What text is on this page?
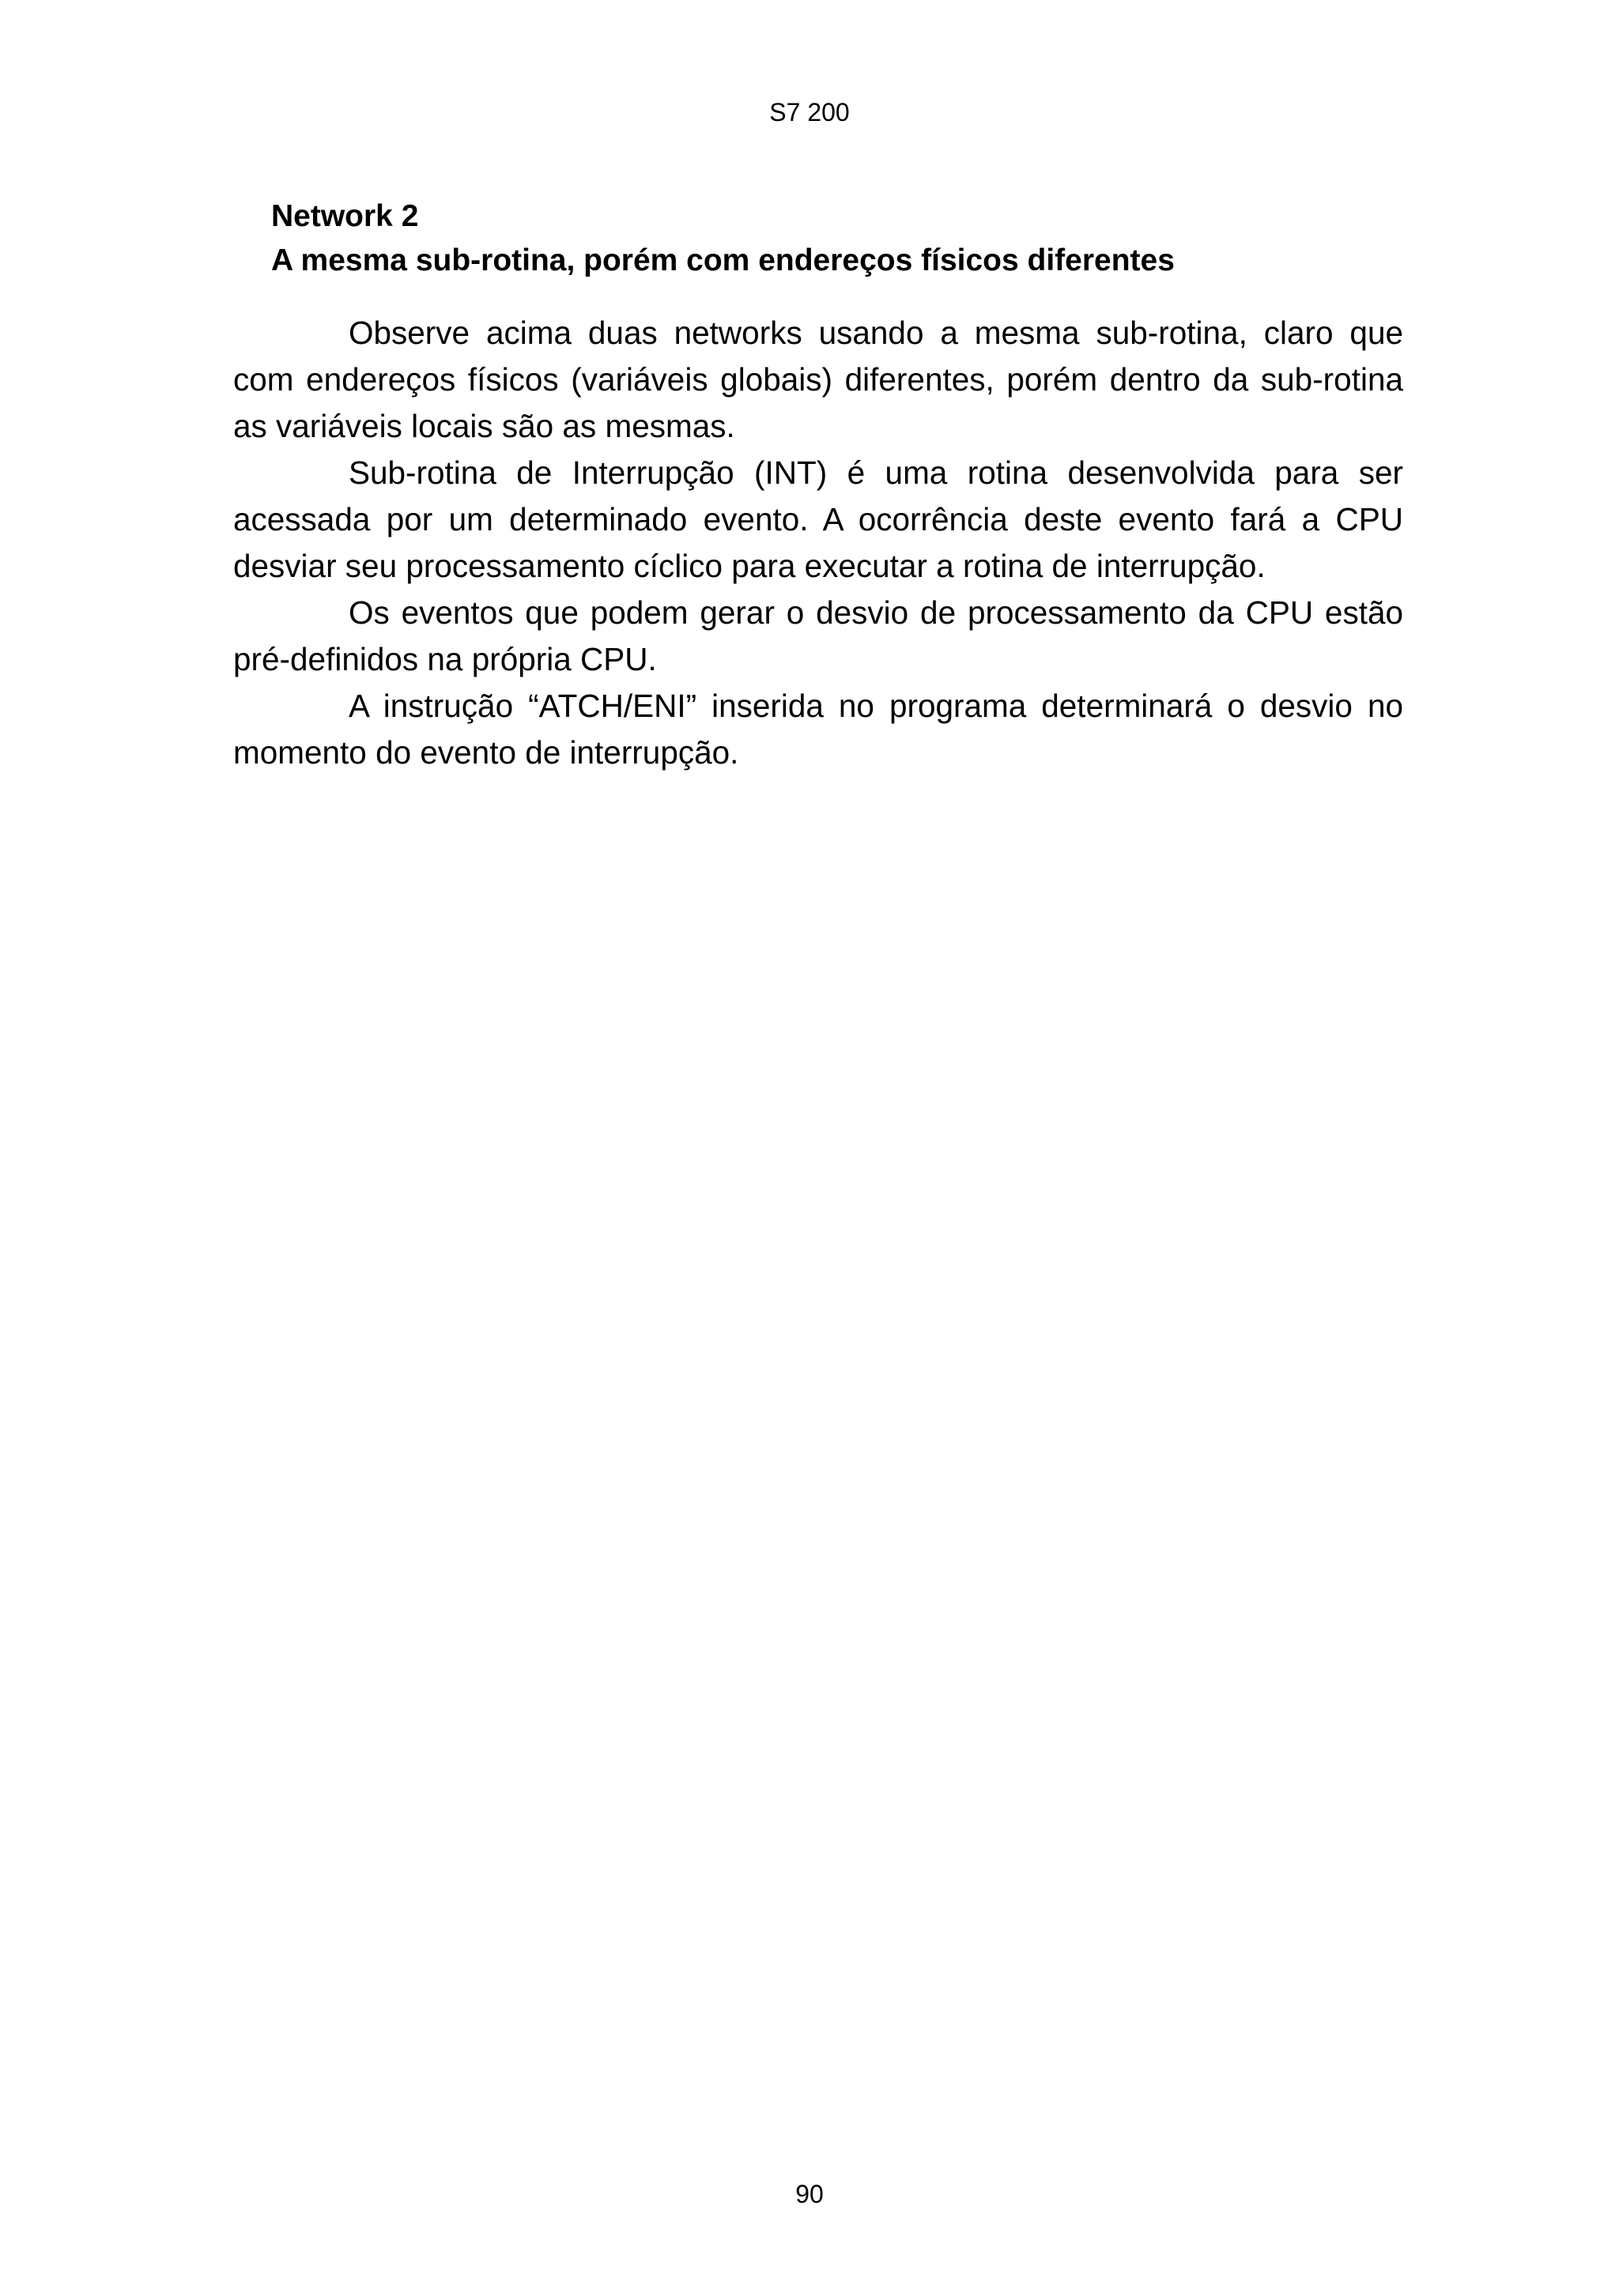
S7 200
Network 2
A mesma sub-rotina, porém com endereços físicos diferentes

Observe acima duas networks usando a mesma sub-rotina, claro que com endereços físicos (variáveis globais) diferentes, porém dentro da sub-rotina as variáveis locais são as mesmas.

Sub-rotina de Interrupção (INT) é uma rotina desenvolvida para ser acessada por um determinado evento. A ocorrência deste evento fará a CPU desviar seu processamento cíclico para executar a rotina de interrupção.

Os eventos que podem gerar o desvio de processamento da CPU estão pré-definidos na própria CPU.

A instrução “ATCH/ENI” inserida no programa determinará o desvio no momento do evento de interrupção.

90
